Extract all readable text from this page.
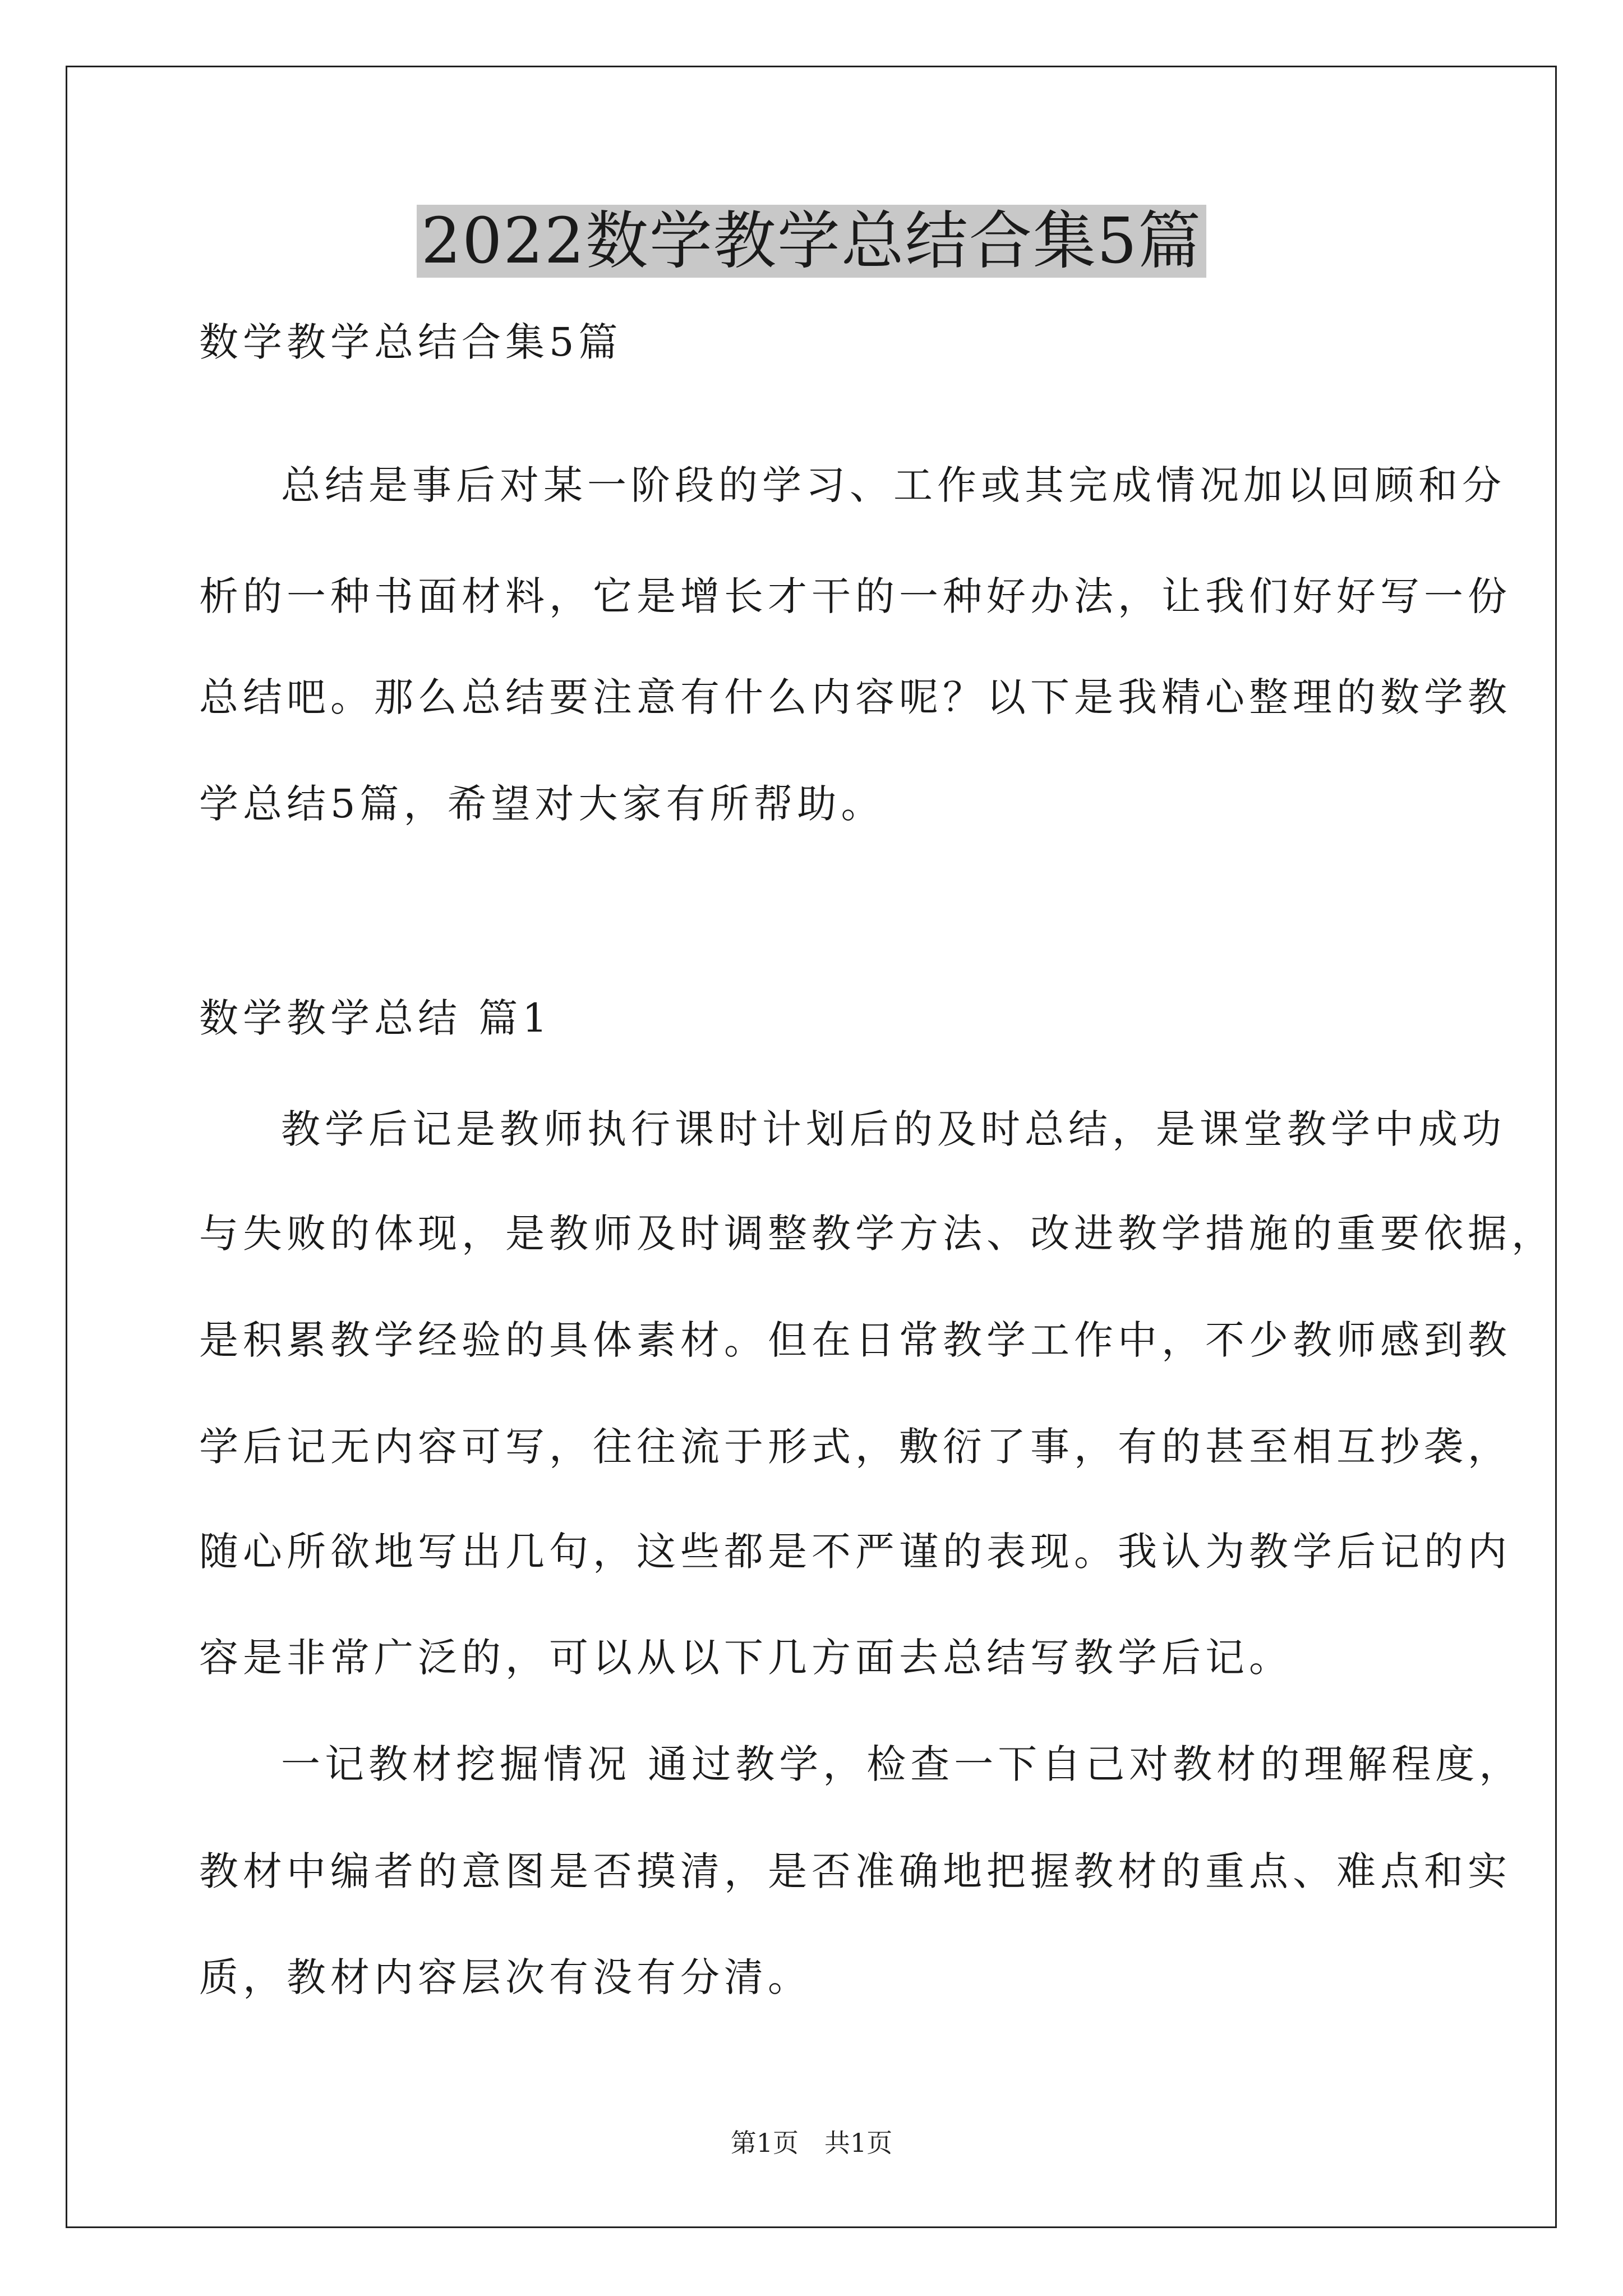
2022数学教学总结合集5篇
数学教学总结合集5篇
总结是事后对某一阶段的学习、工作或其完成情况加以回顾和分
析的一种书面材料，它是增长才干的一种好办法，让我们好好写一份
总结吧。那么总结要注意有什么内容呢？以下是我精心整理的数学教
学总结5篇，希望对大家有所帮助。
数学教学总结 篇1
教学后记是教师执行课时计划后的及时总结，是课堂教学中成功
与失败的体现，是教师及时调整教学方法、改进教学措施的重要依据，
是积累教学经验的具体素材。但在日常教学工作中，不少教师感到教
学后记无内容可写，往往流于形式，敷衍了事，有的甚至相互抄袭，
随心所欲地写出几句，这些都是不严谨的表现。我认为教学后记的内
容是非常广泛的，可以从以下几方面去总结写教学后记。
一记教材挖掘情况 通过教学，检查一下自己对教材的理解程度，
教材中编者的意图是否摸清，是否准确地把握教材的重点、难点和实
质，教材内容层次有没有分清。
第1页 共1页
